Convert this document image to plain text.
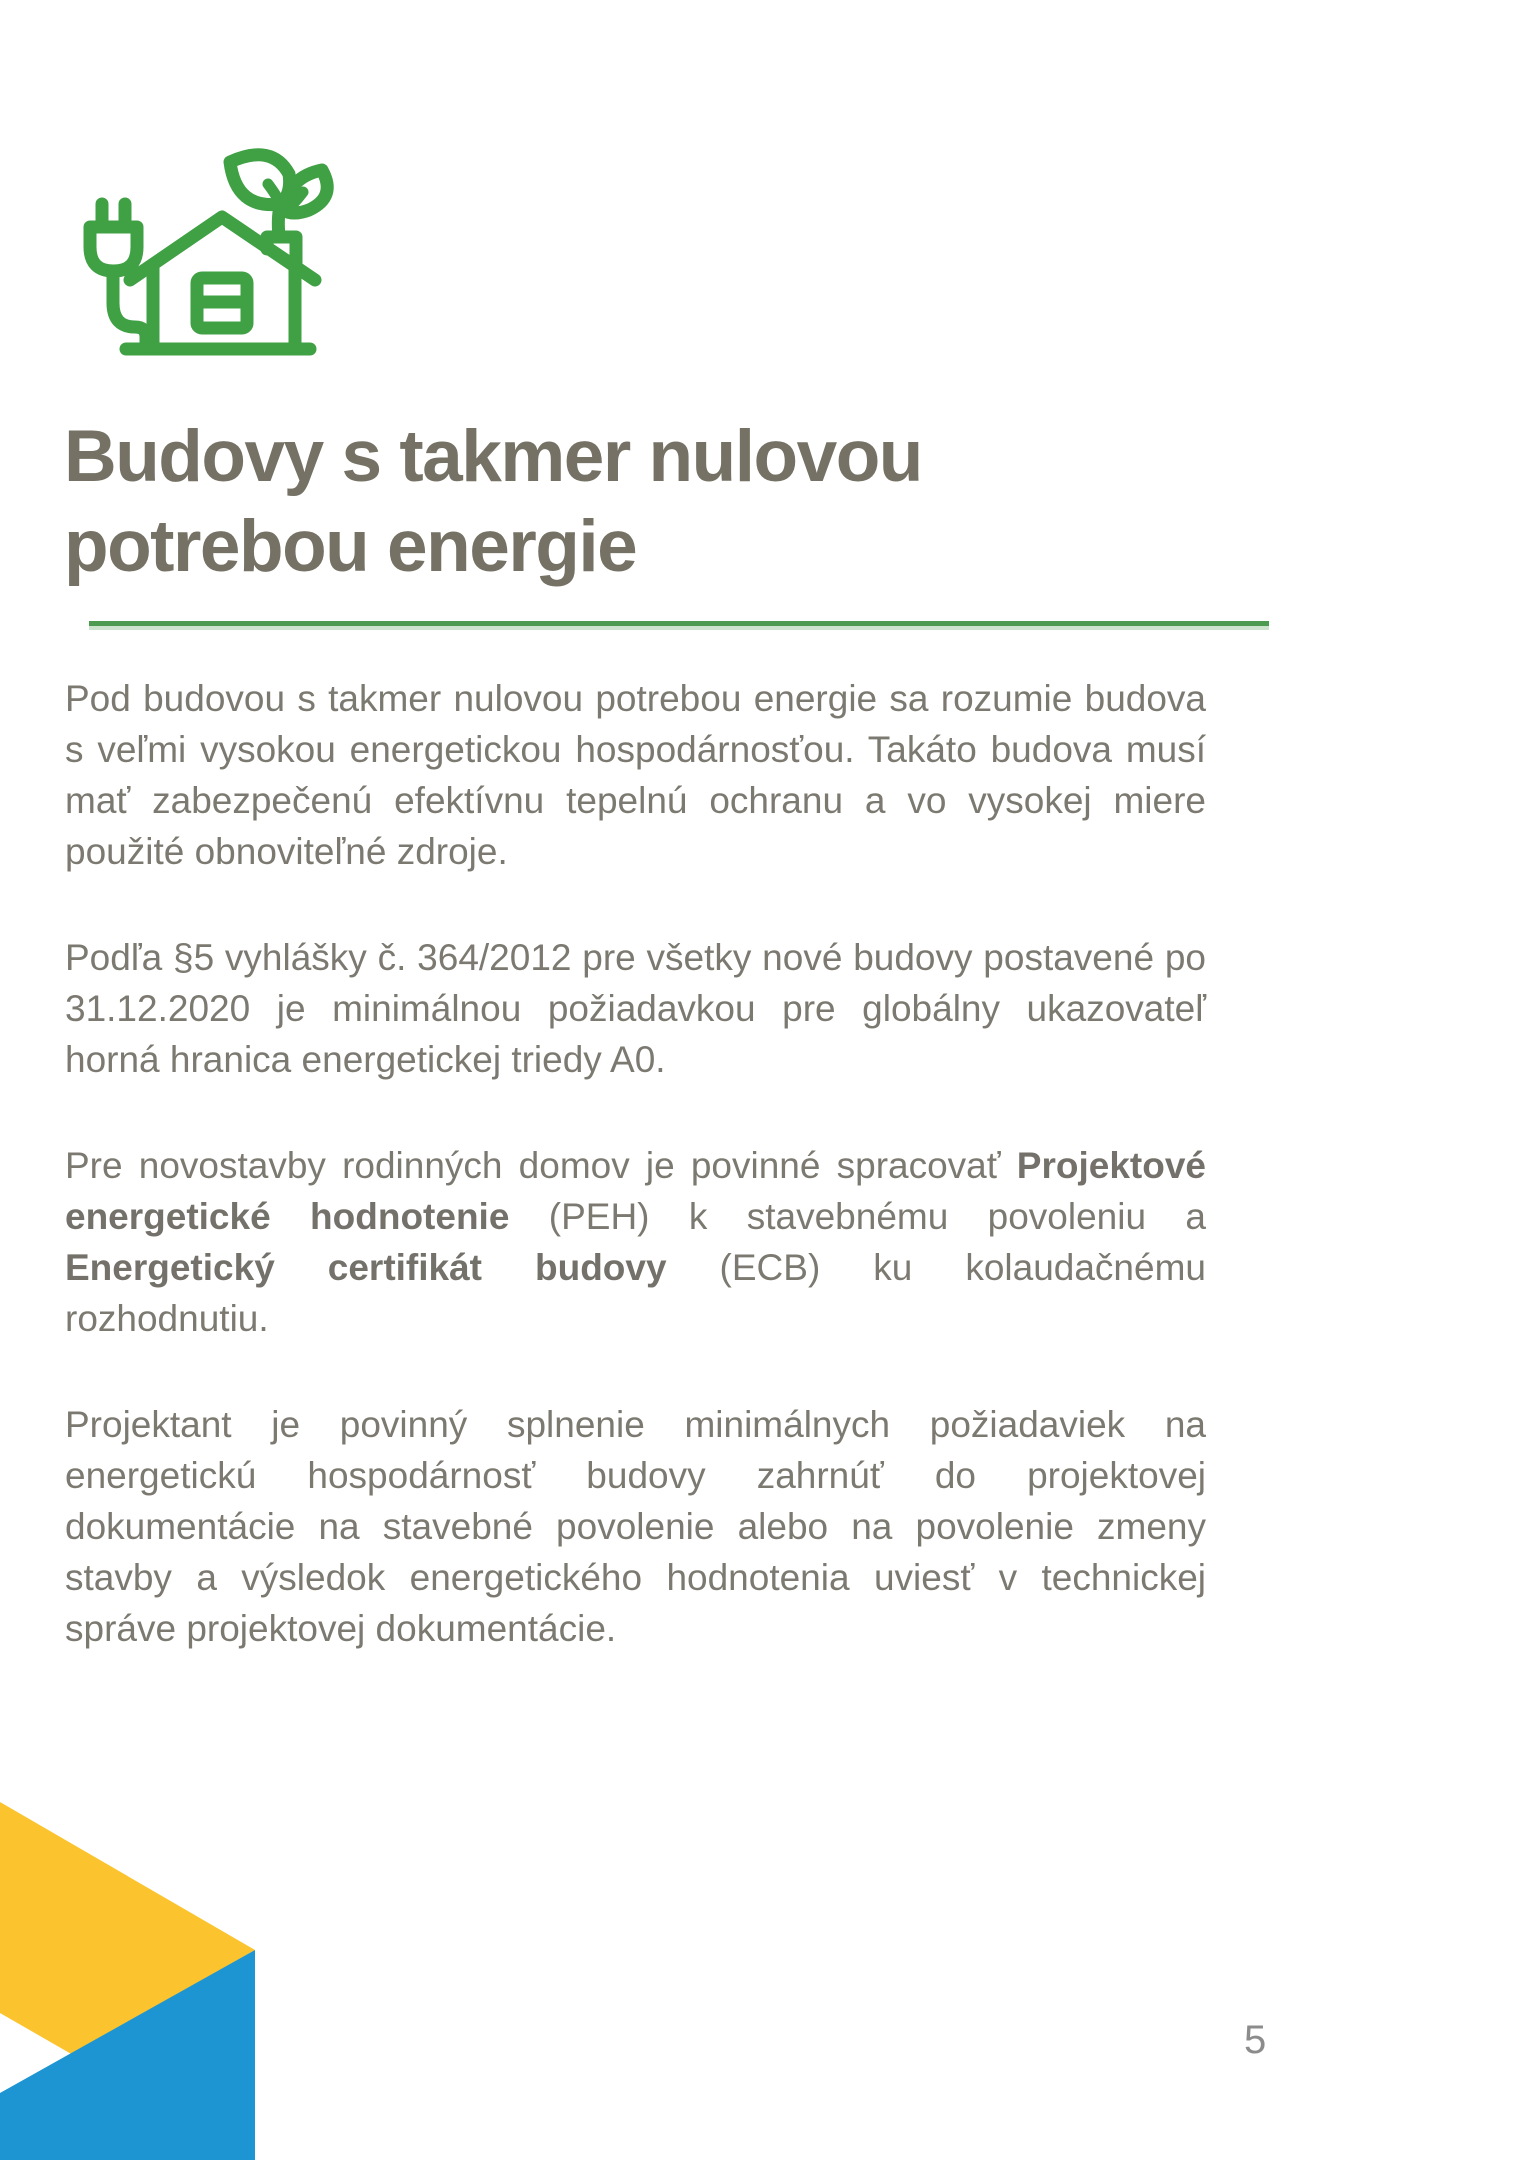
Budovy s takmer nulovou
potrebou energie

Pod budovou s takmer nulovou potrebou energie sa rozumie budova s veľmi vysokou energetickou hospodárnosťou. Takáto budova musí mať zabezpečenú efektívnu tepelnú ochranu a vo vysokej miere použité obnoviteľné zdroje.

Podľa §5 vyhlášky č. 364/2012 pre všetky nové budovy postavené po 31.12.2020 je minimálnou požiadavkou pre globálny ukazovateľ horná hranica energetickej triedy A0.

Pre novostavby rodinných domov je povinné spracovať Projektové energetické hodnotenie (PEH) k stavebnému povoleniu a Energetický certifikát budovy (ECB) ku kolaudačnému rozhodnutiu.

Projektant je povinný splnenie minimálnych požiadaviek na energetickú hospodárnosť budovy zahrnúť do projektovej dokumentácie na stavebné povolenie alebo na povolenie zmeny stavby a výsledok energetického hodnotenia uviesť v technickej správe projektovej dokumentácie.

5
